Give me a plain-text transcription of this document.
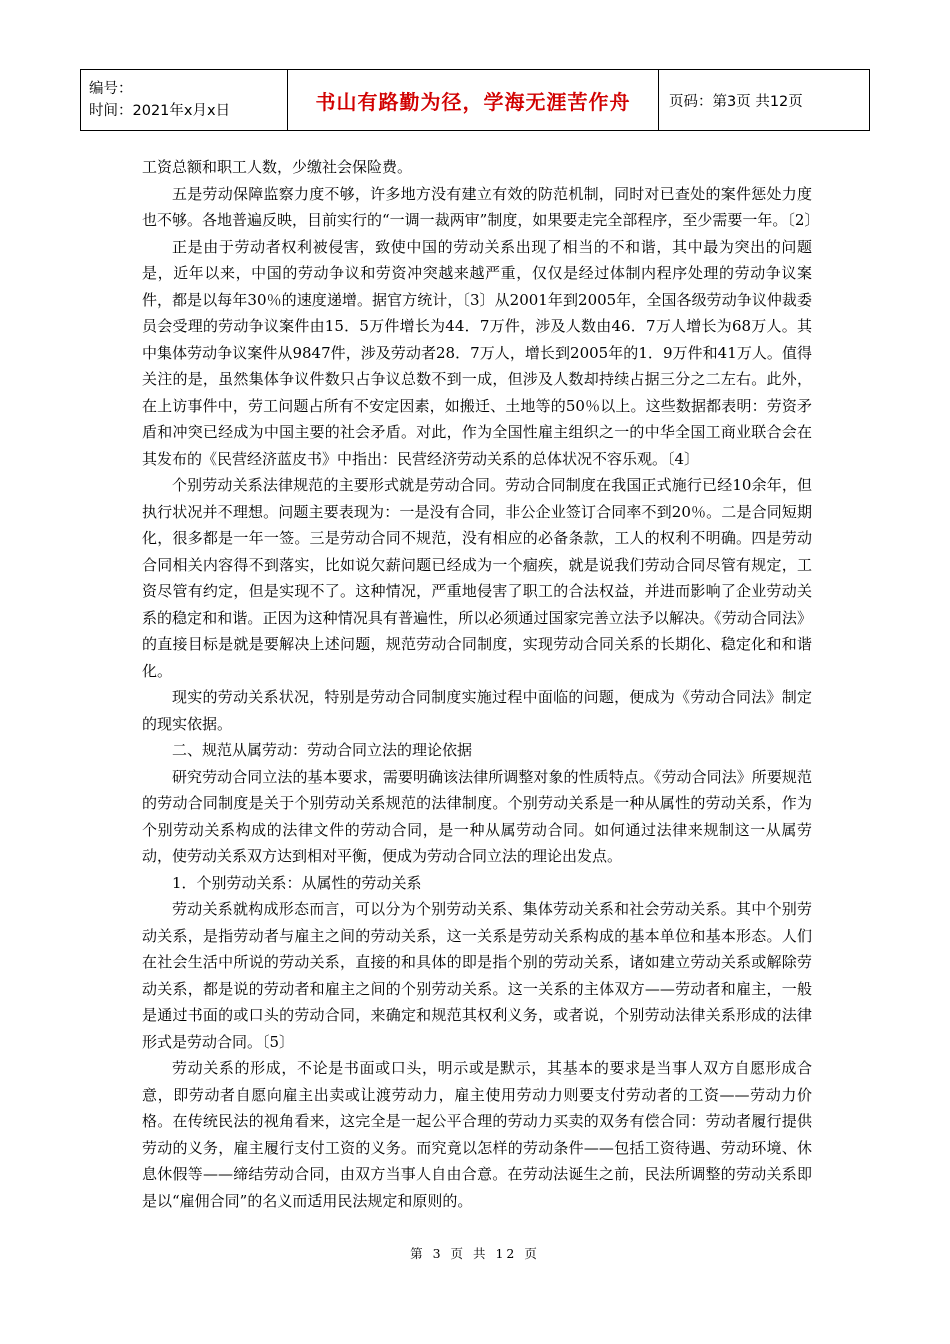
编号：
时间：2021年x月x日	书山有路勤为径，学海无涯苦作舟	页码：第3页 共12页

工资总额和职工人数，少缴社会保险费。

五是劳动保障监察力度不够，许多地方没有建立有效的防范机制，同时对已查处的案件惩处力度也不够。各地普遍反映，目前实行的“一调一裁两审”制度，如果要走完全部程序，至少需要一年。〔2〕

正是由于劳动者权利被侵害，致使中国的劳动关系出现了相当的不和谐，其中最为突出的问题是，近年以来，中国的劳动争议和劳资冲突越来越严重，仅仅是经过体制内程序处理的劳动争议案件，都是以每年30％的速度递增。据官方统计，〔3〕从2001年到2005年，全国各级劳动争议仲裁委员会受理的劳动争议案件由15．5万件增长为44．7万件，涉及人数由46．7万人增长为68万人。其中集体劳动争议案件从9847件，涉及劳动者28．7万人，增长到2005年的1．9万件和41万人。值得关注的是，虽然集体争议件数只占争议总数不到一成，但涉及人数却持续占据三分之二左右。此外，在上访事件中，劳工问题占所有不安定因素，如搬迁、土地等的50％以上。这些数据都表明：劳资矛盾和冲突已经成为中国主要的社会矛盾。对此，作为全国性雇主组织之一的中华全国工商业联合会在其发布的《民营经济蓝皮书》中指出：民营经济劳动关系的总体状况不容乐观。〔4〕

个别劳动关系法律规范的主要形式就是劳动合同。劳动合同制度在我国正式施行已经10余年，但执行状况并不理想。问题主要表现为：一是没有合同，非公企业签订合同率不到20％。二是合同短期化，很多都是一年一签。三是劳动合同不规范，没有相应的必备条款，工人的权利不明确。四是劳动合同相关内容得不到落实，比如说欠薪问题已经成为一个痼疾，就是说我们劳动合同尽管有规定，工资尽管有约定，但是实现不了。这种情况，严重地侵害了职工的合法权益，并进而影响了企业劳动关系的稳定和和谐。正因为这种情况具有普遍性，所以必须通过国家完善立法予以解决。《劳动合同法》的直接目标是就是要解决上述问题，规范劳动合同制度，实现劳动合同关系的长期化、稳定化和和谐化。

现实的劳动关系状况，特别是劳动合同制度实施过程中面临的问题，便成为《劳动合同法》制定的现实依据。

二、规范从属劳动：劳动合同立法的理论依据

研究劳动合同立法的基本要求，需要明确该法律所调整对象的性质特点。《劳动合同法》所要规范的劳动合同制度是关于个别劳动关系规范的法律制度。个别劳动关系是一种从属性的劳动关系，作为个别劳动关系构成的法律文件的劳动合同，是一种从属劳动合同。如何通过法律来规制这一从属劳动，使劳动关系双方达到相对平衡，便成为劳动合同立法的理论出发点。

1．个别劳动关系：从属性的劳动关系

劳动关系就构成形态而言，可以分为个别劳动关系、集体劳动关系和社会劳动关系。其中个别劳动关系，是指劳动者与雇主之间的劳动关系，这一关系是劳动关系构成的基本单位和基本形态。人们在社会生活中所说的劳动关系，直接的和具体的即是指个别的劳动关系，诸如建立劳动关系或解除劳动关系，都是说的劳动者和雇主之间的个别劳动关系。这一关系的主体双方——劳动者和雇主，一般是通过书面的或口头的劳动合同，来确定和规范其权利义务，或者说，个别劳动法律关系形成的法律形式是劳动合同。〔5〕

劳动关系的形成，不论是书面或口头，明示或是默示，其基本的要求是当事人双方自愿形成合意，即劳动者自愿向雇主出卖或让渡劳动力，雇主使用劳动力则要支付劳动者的工资——劳动力价格。在传统民法的视角看来，这完全是一起公平合理的劳动力买卖的双务有偿合同：劳动者履行提供劳动的义务，雇主履行支付工资的义务。而究竟以怎样的劳动条件——包括工资待遇、劳动环境、休息休假等——缔结劳动合同，由双方当事人自由合意。在劳动法诞生之前，民法所调整的劳动关系即是以“雇佣合同”的名义而适用民法规定和原则的。

第 3 页 共 12 页
